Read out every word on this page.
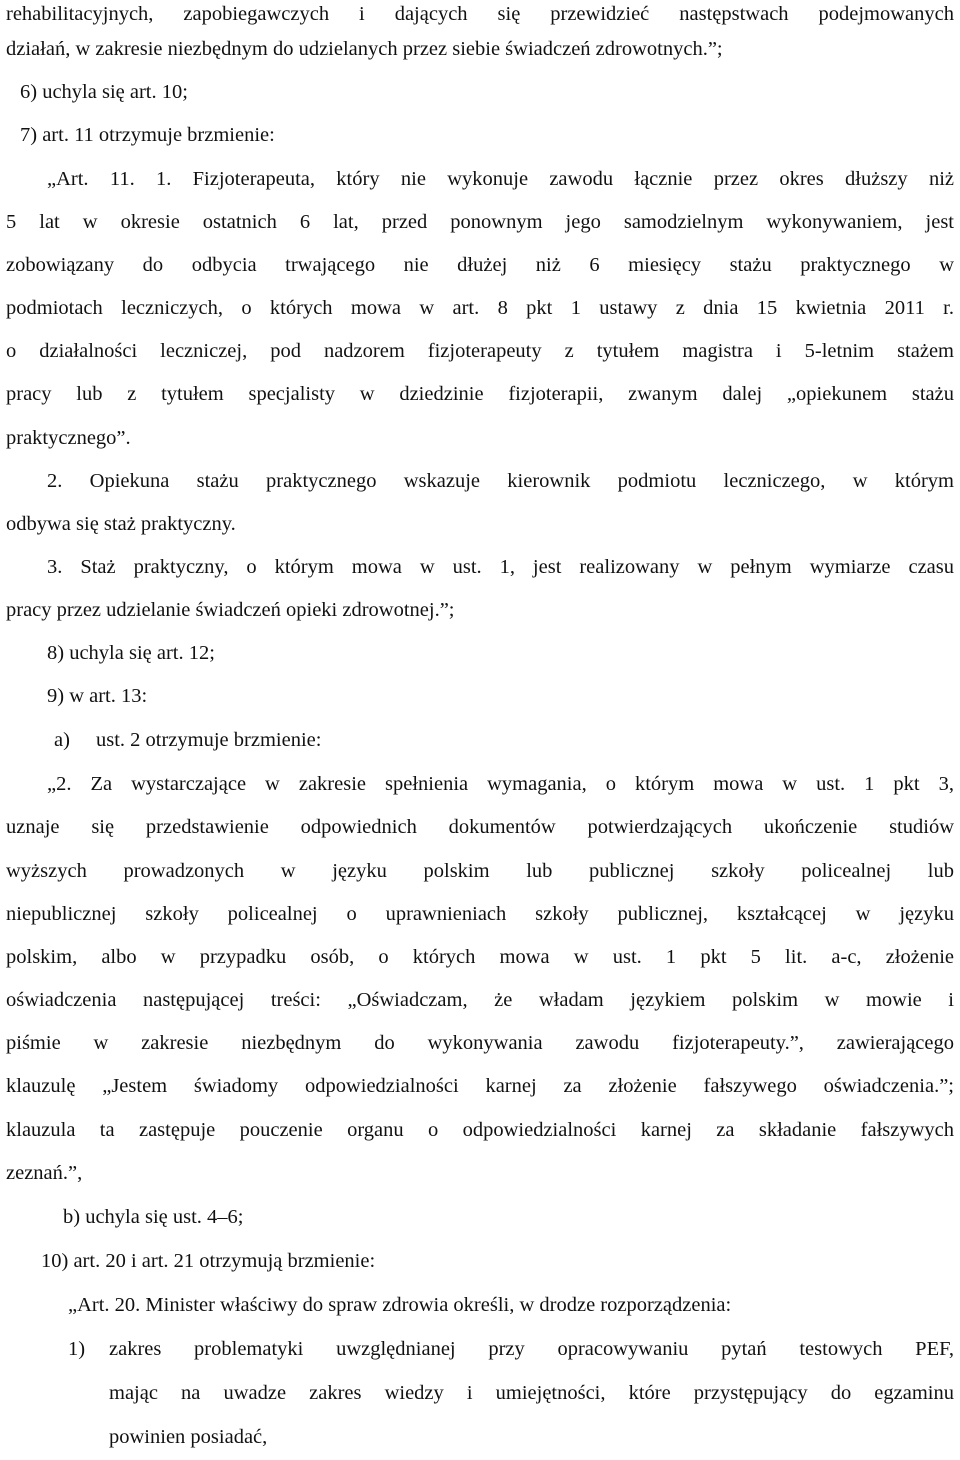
rehabilitacyjnych, zapobiegawczych i dających się przewidzieć następstwach podejmowanych
działań, w zakresie niezbędnym do udzielanych przez siebie świadczeń zdrowotnych.”;
6) uchyla się art. 10;
7) art. 11 otrzymuje brzmienie:
„Art. 11. 1. Fizjoterapeuta, który nie wykonuje zawodu łącznie przez okres dłuższy niż
5 lat w okresie ostatnich 6 lat, przed ponownym jego samodzielnym wykonywaniem, jest
zobowiązany do odbycia trwającego nie dłużej niż 6 miesięcy stażu praktycznego w
podmiotach leczniczych, o których mowa w art. 8 pkt 1 ustawy z dnia 15 kwietnia 2011 r.
o działalności leczniczej, pod nadzorem fizjoterapeuty z tytułem magistra i 5-letnim stażem
pracy lub z tytułem specjalisty w dziedzinie fizjoterapii, zwanym dalej „opiekunem stażu
praktycznego”.
2. Opiekuna stażu praktycznego wskazuje kierownik podmiotu leczniczego, w którym
odbywa się staż praktyczny.
3. Staż praktyczny, o którym mowa w ust. 1, jest realizowany w pełnym wymiarze czasu
pracy przez udzielanie świadczeń opieki zdrowotnej.”;
8) uchyla się art. 12;
9) w art. 13:
a) ust. 2 otrzymuje brzmienie:
„2. Za wystarczające w zakresie spełnienia wymagania, o którym mowa w ust. 1 pkt 3,
uznaje się przedstawienie odpowiednich dokumentów potwierdzających ukończenie studiów
wyższych prowadzonych w języku polskim lub publicznej szkoły policealnej lub
niepublicznej szkoły policealnej o uprawnieniach szkoły publicznej, kształcącej w języku
polskim, albo w przypadku osób, o których mowa w ust. 1 pkt 5 lit. a-c, złożenie
oświadczenia następującej treści: „Oświadczam, że władam językiem polskim w mowie i
piśmie w zakresie niezbędnym do wykonywania zawodu fizjoterapeuty.”, zawierającego
klauzulę „Jestem świadomy odpowiedzialności karnej za złożenie fałszywego oświadczenia.”;
klauzula ta zastępuje pouczenie organu o odpowiedzialności karnej za składanie fałszywych
zeznań.”,
b) uchyla się ust. 4–6;
10) art. 20 i art. 21 otrzymują brzmienie:
„Art. 20. Minister właściwy do spraw zdrowia określi, w drodze rozporządzenia:
1) zakres problematyki uwzględnianej przy opracowywaniu pytań testowych PEF,
mając na uwadze zakres wiedzy i umiejętności, które przystępujący do egzaminu
powinien posiadać,
